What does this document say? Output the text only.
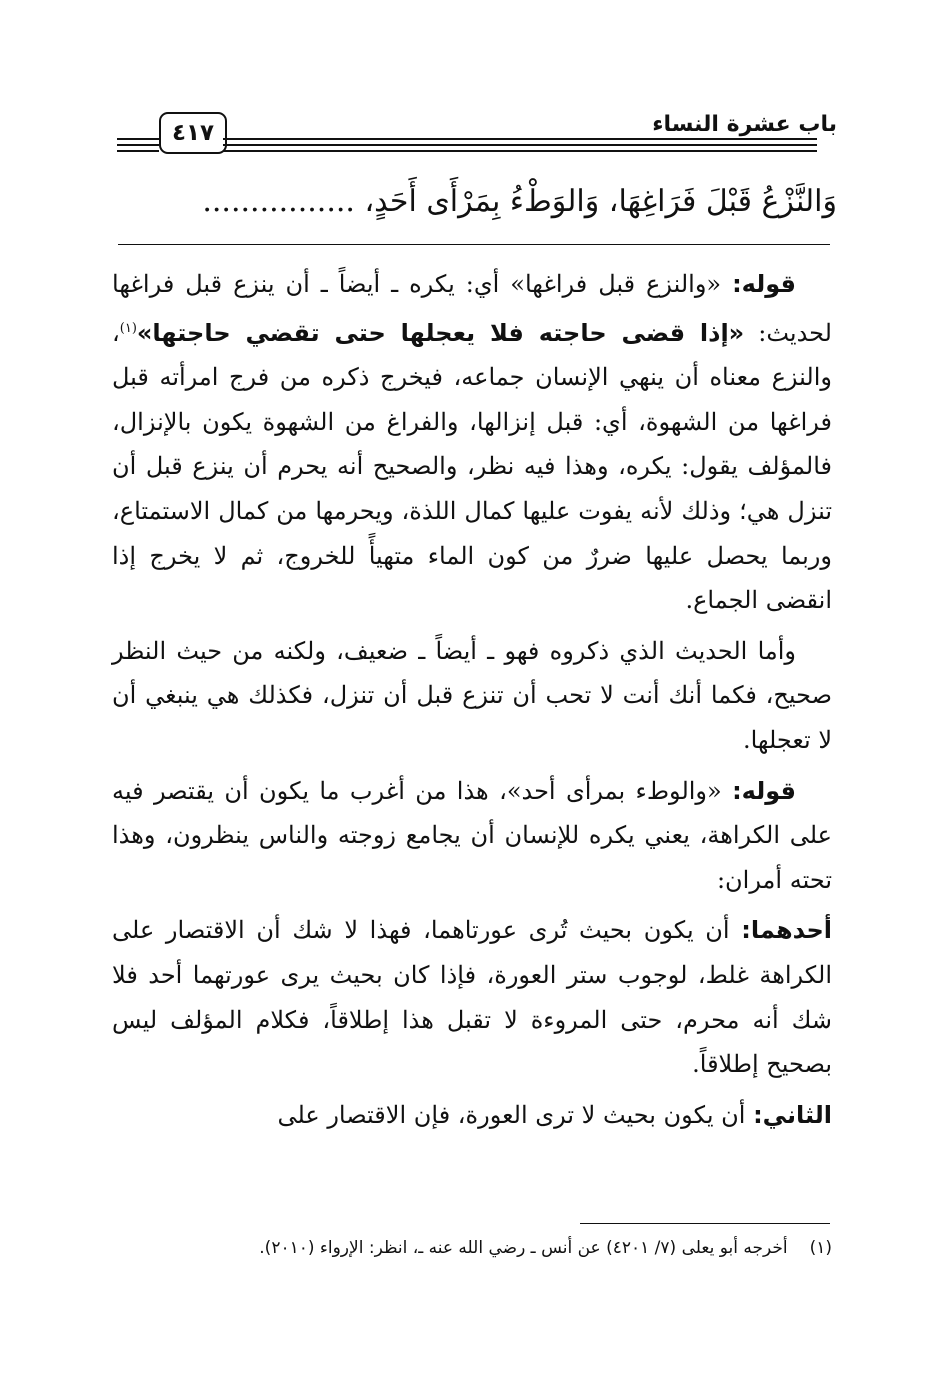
٤١٧	باب عشرة النساء
وَالنَّزْعُ قَبْلَ فَرَاغِهَا، وَالوَطْءُ بِمَرْأَى أَحَدٍ، ................

قوله: «والنزع قبل فراغها» أي: يكره ـ أيضاً ـ أن ينزع قبل فراغها لحديث: «إذا قضى حاجته فلا يعجلها حتى تقضي حاجتها»$^{(١)}$، والنزع معناه أن ينهي الإنسان جماعه، فيخرج ذكره من فرج امرأته قبل فراغها من الشهوة، أي: قبل إنزالها، والفراغ من الشهوة يكون بالإنزال، فالمؤلف يقول: يكره، وهذا فيه نظر، والصحيح أنه يحرم أن ينزع قبل أن تنزل هي؛ وذلك لأنه يفوت عليها كمال اللذة، ويحرمها من كمال الاستمتاع، وربما يحصل عليها ضررٌ من كون الماء متهيأً للخروج، ثم لا يخرج إذا انقضى الجماع.

وأما الحديث الذي ذكروه فهو ـ أيضاً ـ ضعيف، ولكنه من حيث النظر صحيح، فكما أنك أنت لا تحب أن تنزع قبل أن تنزل، فكذلك هي ينبغي أن لا تعجلها.

قوله: «والوطء بمرأى أحد»، هذا من أغرب ما يكون أن يقتصر فيه على الكراهة، يعني يكره للإنسان أن يجامع زوجته والناس ينظرون، وهذا تحته أمران:

أحدهما: أن يكون بحيث تُرى عورتاهما، فهذا لا شك أن الاقتصار على الكراهة غلط، لوجوب ستر العورة، فإذا كان بحيث يرى عورتهما أحد فلا شك أنه محرم، حتى المروءة لا تقبل هذا إطلاقاً، فكلام المؤلف ليس بصحيح إطلاقاً.

الثاني: أن يكون بحيث لا ترى العورة، فإن الاقتصار على

(١)أخرجه أبو يعلى (٧/ ٤٢٠١) عن أنس ـ رضي الله عنه ـ، انظر: الإرواء (٢٠١٠).
